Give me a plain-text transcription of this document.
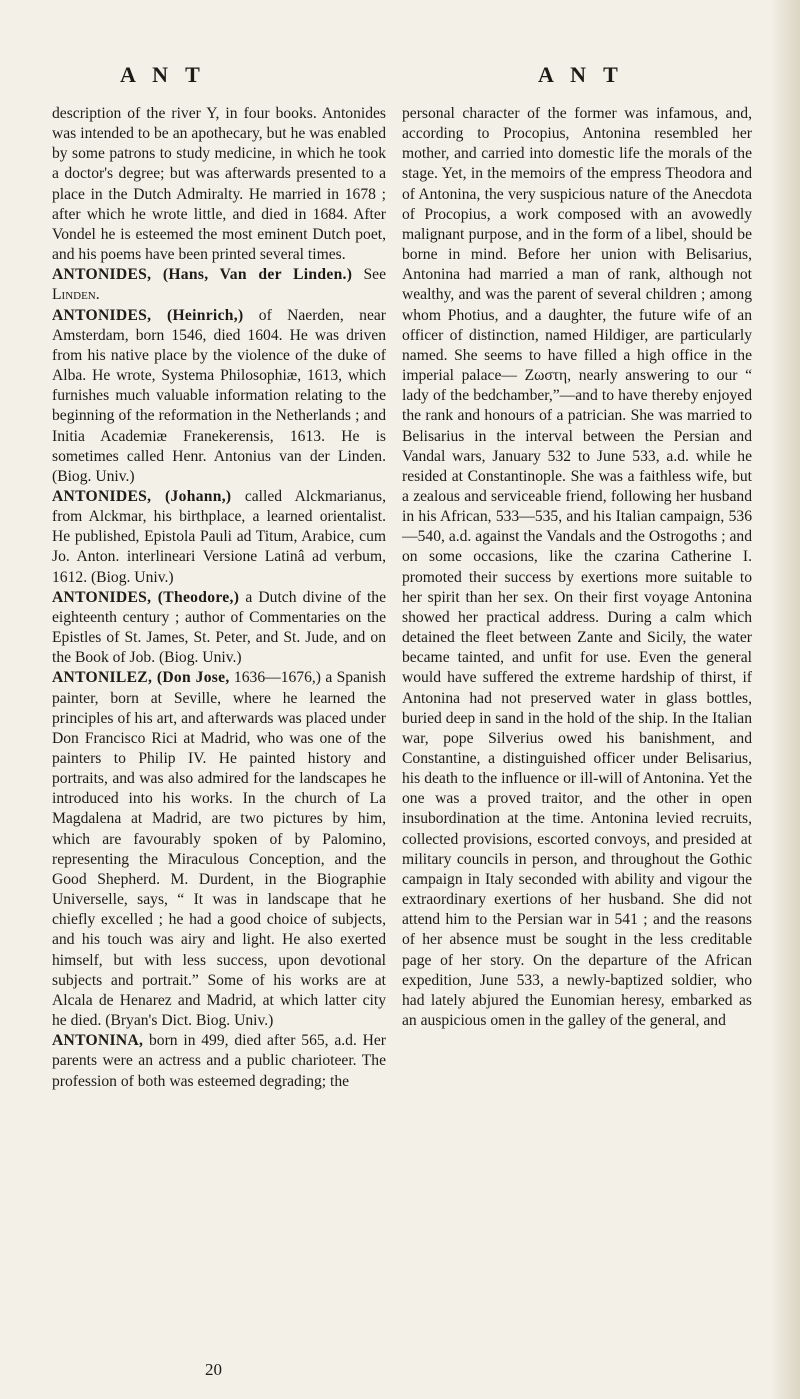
A N T	A N T

description of the river Y, in four books. Antonides was intended to be an apothecary, but he was enabled by some patrons to study medicine, in which he took a doctor's degree; but was afterwards presented to a place in the Dutch Admiralty. He married in 1678 ; after which he wrote little, and died in 1684. After Vondel he is esteemed the most eminent Dutch poet, and his poems have been printed several times.

ANTONIDES, (Hans, Van der Linden.) See Linden.

ANTONIDES, (Heinrich,) of Naerden, near Amsterdam, born 1546, died 1604. He was driven from his native place by the violence of the duke of Alba. He wrote, Systema Philosophiæ, 1613, which furnishes much valuable information relating to the beginning of the reformation in the Netherlands ; and Initia Academiæ Franekerensis, 1613. He is sometimes called Henr. Antonius van der Linden. (Biog. Univ.)

ANTONIDES, (Johann,) called Alckmarianus, from Alckmar, his birthplace, a learned orientalist. He published, Epistola Pauli ad Titum, Arabice, cum Jo. Anton. interlineari Versione Latinâ ad verbum, 1612. (Biog. Univ.)

ANTONIDES, (Theodore,) a Dutch divine of the eighteenth century ; author of Commentaries on the Epistles of St. James, St. Peter, and St. Jude, and on the Book of Job. (Biog. Univ.)

ANTONILEZ, (Don Jose, 1636—1676,) a Spanish painter, born at Seville, where he learned the principles of his art, and afterwards was placed under Don Francisco Rici at Madrid, who was one of the painters to Philip IV. He painted history and portraits, and was also admired for the landscapes he introduced into his works. In the church of La Magdalena at Madrid, are two pictures by him, which are favourably spoken of by Palomino, representing the Miraculous Conception, and the Good Shepherd. M. Durdent, in the Biographie Universelle, says, “ It was in landscape that he chiefly excelled ; he had a good choice of subjects, and his touch was airy and light. He also exerted himself, but with less success, upon devotional subjects and portrait.” Some of his works are at Alcala de Henarez and Madrid, at which latter city he died. (Bryan's Dict. Biog. Univ.)

ANTONINA, born in 499, died after 565, a.d. Her parents were an actress and a public charioteer. The profession of both was esteemed degrading; the

personal character of the former was infamous, and, according to Procopius, Antonina resembled her mother, and carried into domestic life the morals of the stage. Yet, in the memoirs of the empress Theodora and of Antonina, the very suspicious nature of the Anecdota of Procopius, a work composed with an avowedly malignant purpose, and in the form of a libel, should be borne in mind. Before her union with Belisarius, Antonina had married a man of rank, although not wealthy, and was the parent of several children ; among whom Photius, and a daughter, the future wife of an officer of distinction, named Hildiger, are particularly named. She seems to have filled a high office in the imperial palace— Ζωστη, nearly answering to our “ lady of the bedchamber,”—and to have thereby enjoyed the rank and honours of a patrician. She was married to Belisarius in the interval between the Persian and Vandal wars, January 532 to June 533, a.d. while he resided at Constantinople. She was a faithless wife, but a zealous and serviceable friend, following her husband in his African, 533—535, and his Italian campaign, 536—540, a.d. against the Vandals and the Ostrogoths ; and on some occasions, like the czarina Catherine I. promoted their success by exertions more suitable to her spirit than her sex. On their first voyage Antonina showed her practical address. During a calm which detained the fleet between Zante and Sicily, the water became tainted, and unfit for use. Even the general would have suffered the extreme hardship of thirst, if Antonina had not preserved water in glass bottles, buried deep in sand in the hold of the ship. In the Italian war, pope Silverius owed his banishment, and Constantine, a distinguished officer under Belisarius, his death to the influence or ill-will of Antonina. Yet the one was a proved traitor, and the other in open insubordination at the time. Antonina levied recruits, collected provisions, escorted convoys, and presided at military councils in person, and throughout the Gothic campaign in Italy seconded with ability and vigour the extraordinary exertions of her husband. She did not attend him to the Persian war in 541 ; and the reasons of her absence must be sought in the less creditable page of her story. On the departure of the African expedition, June 533, a newly-baptized soldier, who had lately abjured the Eunomian heresy, embarked as an auspicious omen in the galley of the general, and

20
